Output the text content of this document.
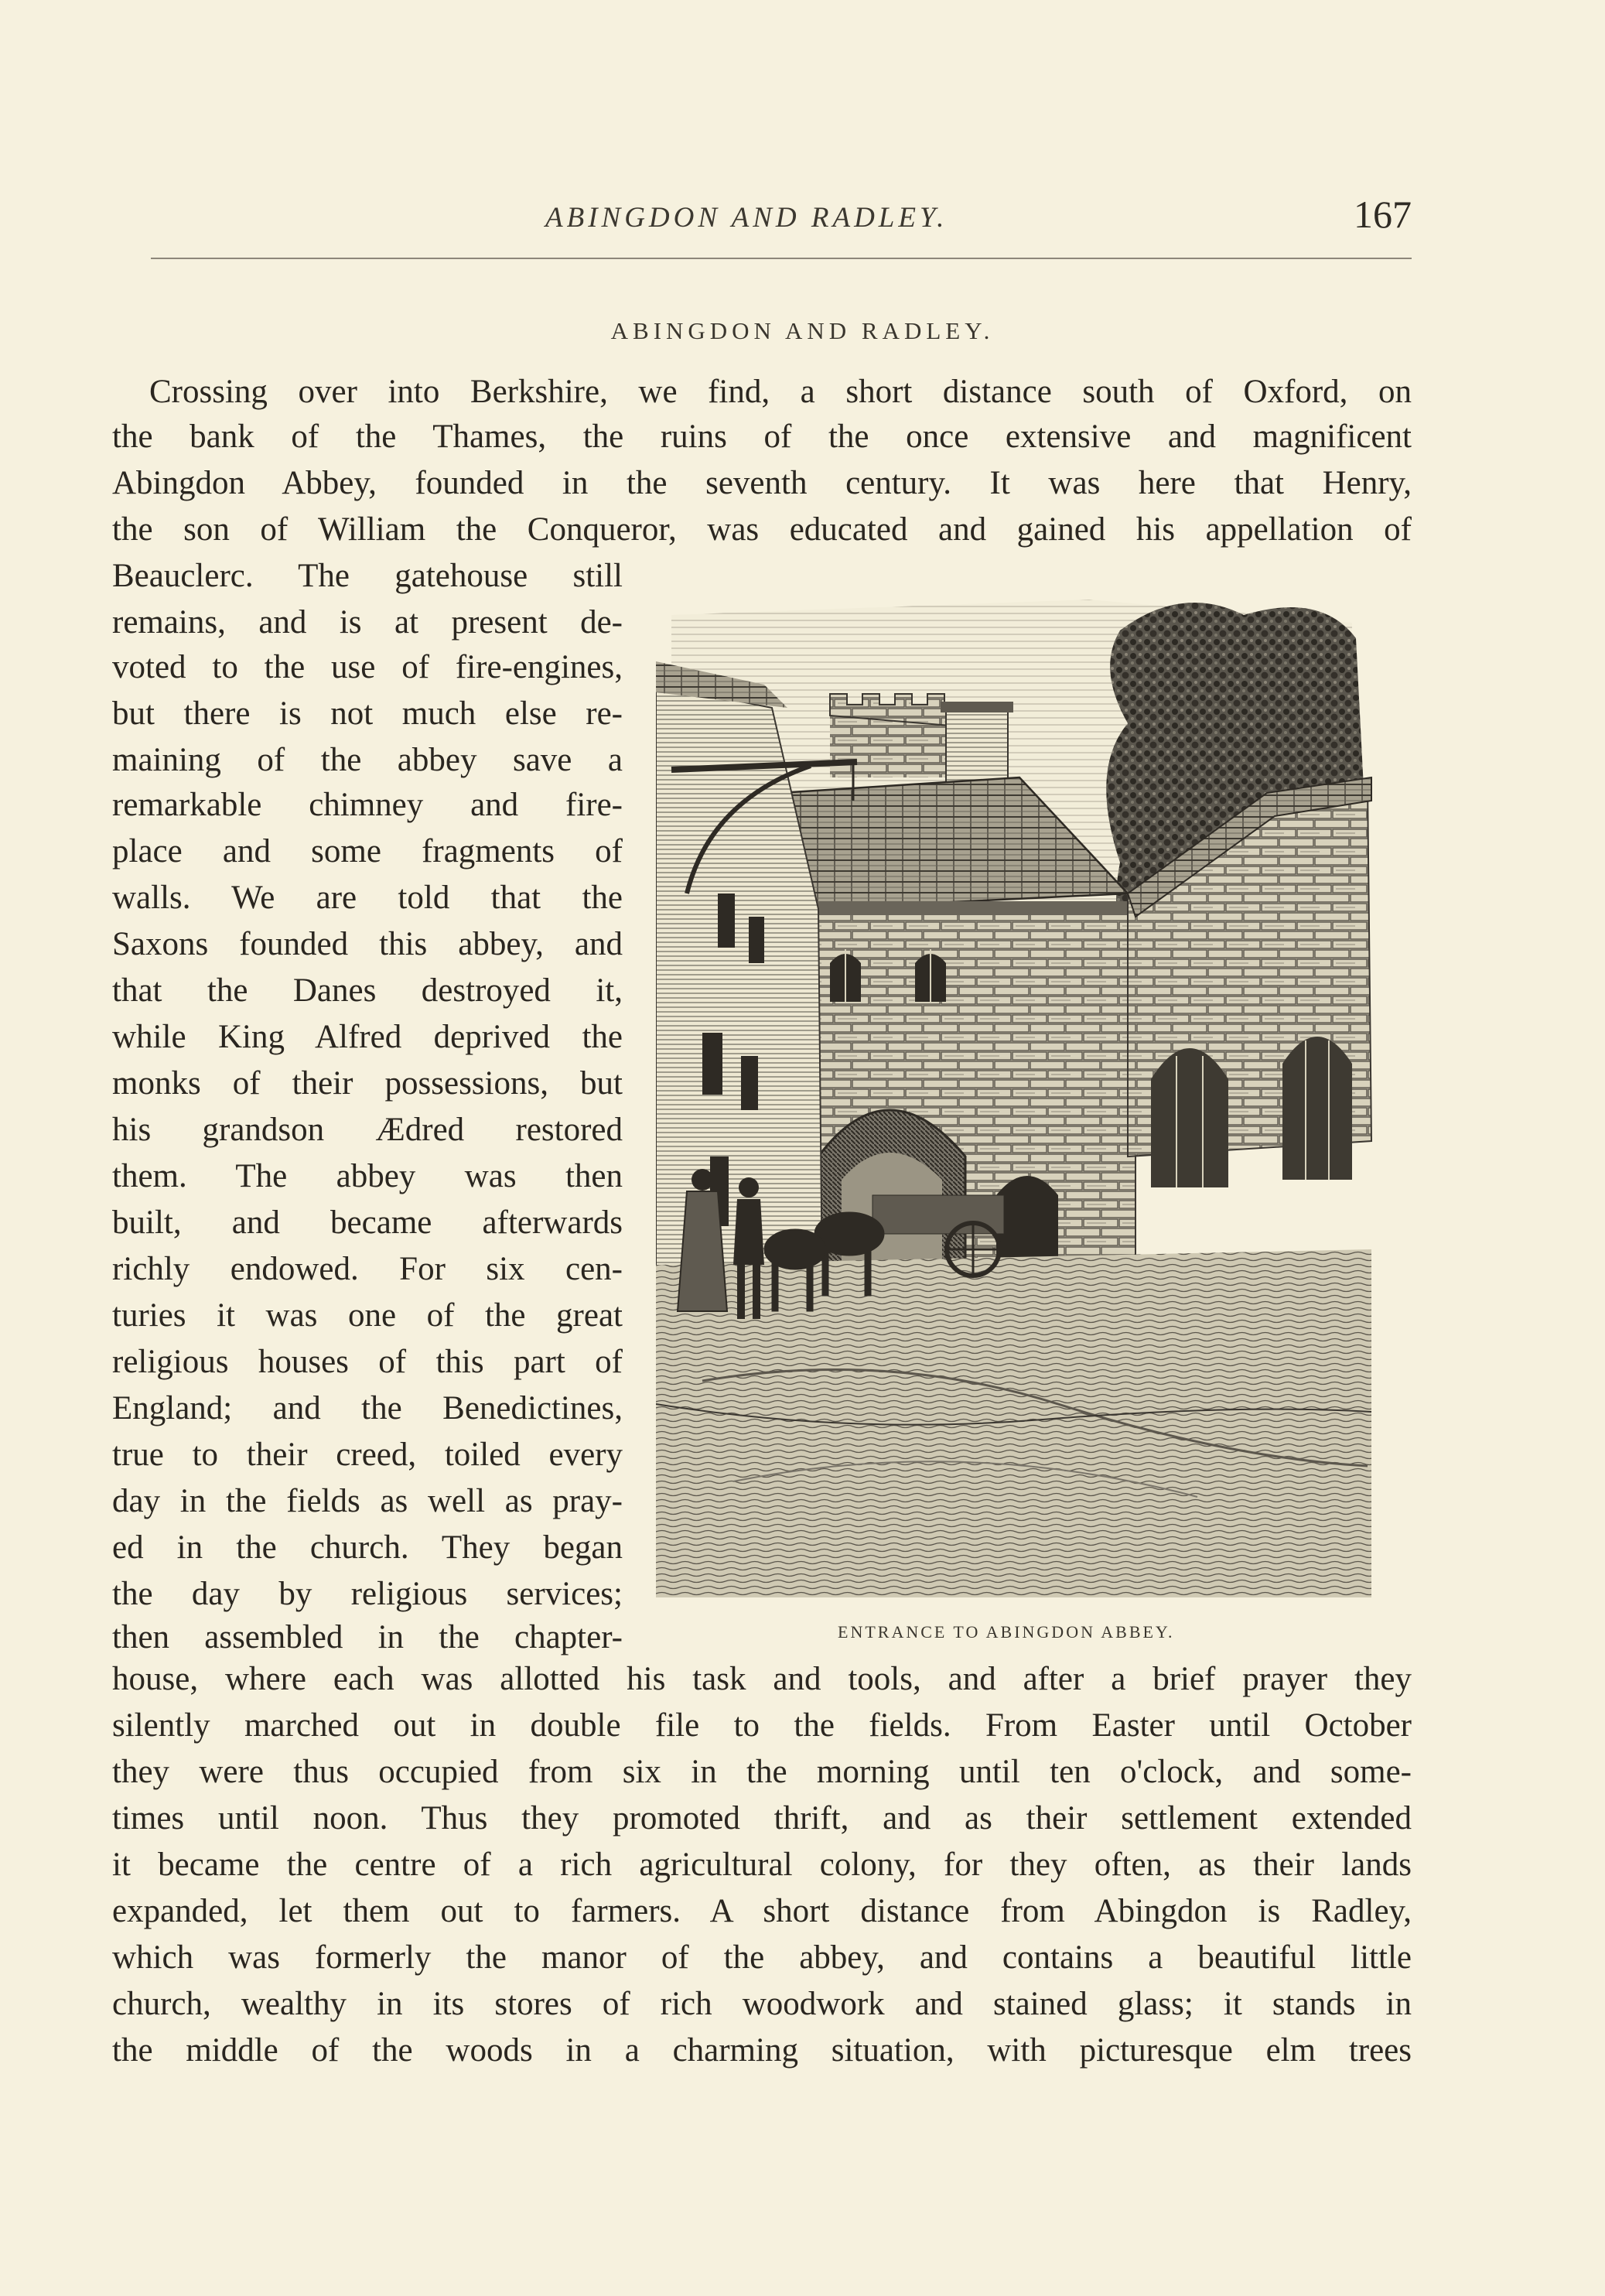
ABINGDON AND RADLEY.	167
ABINGDON AND RADLEY.
Crossing over into Berkshire, we find, a short distance south of Oxford, on
the bank of the Thames, the ruins of the once extensive and magnificent
Abingdon Abbey, founded in the seventh century. It was here that Henry,
the son of William the Conqueror, was educated and gained his appellation of
Beauclerc. The gatehouse still
remains, and is at present de-
voted to the use of fire-engines,
but there is not much else re-
maining of the abbey save a
remarkable chimney and fire-
place and some fragments of
walls. We are told that the
Saxons founded this abbey, and
that the Danes destroyed it,
while King Alfred deprived the
monks of their possessions, but
his grandson Ædred restored
them. The abbey was then
built, and became afterwards
richly endowed. For six cen-
turies it was one of the great
religious houses of this part of
England; and the Benedictines,
true to their creed, toiled every
day in the fields as well as pray-
ed in the church. They began
the day by religious services;
then assembled in the chapter-
house, where each was allotted his task and tools, and after a brief prayer they
silently marched out in double file to the fields. From Easter until October
they were thus occupied from six in the morning until ten o'clock, and some-
times until noon. Thus they promoted thrift, and as their settlement extended
it became the centre of a rich agricultural colony, for they often, as their lands
expanded, let them out to farmers. A short distance from Abingdon is Radley,
which was formerly the manor of the abbey, and contains a beautiful little
church, wealthy in its stores of rich woodwork and stained glass; it stands in
the middle of the woods in a charming situation, with picturesque elm trees
ENTRANCE TO ABINGDON ABBEY.
